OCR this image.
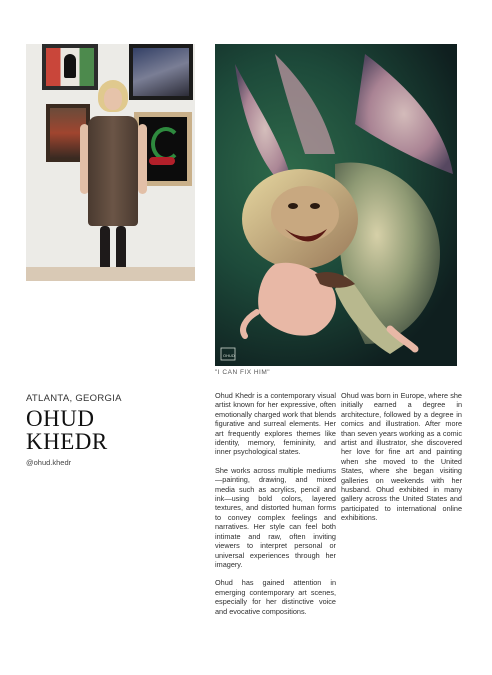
OHUD
"I CAN FIX HIM"
ATLANTA, GEORGIA
OHUD
KHEDR
@ohud.khedr

Ohud Khedr is a contemporary visual artist known for her expressive, often emotionally charged work that blends figurative and surreal elements. Her art frequently explores themes like identity, memory, femininity, and inner psychological states.

She works across multiple mediums—painting, drawing, and mixed media such as acrylics, pencil and ink—using bold colors, layered textures, and distorted human forms to convey complex feelings and narratives. Her style can feel both intimate and raw, often inviting viewers to interpret personal or universal experiences through her imagery.

Ohud has gained attention in emerging contemporary art scenes, especially for her distinctive voice and evocative compositions.

Ohud was born in Europe, where she initially earned a degree in architecture, followed by a degree in comics and illustration. After more than seven years working as a comic artist and illustrator, she discovered her love for fine art and painting when she moved to the United States, where she began visiting galleries on weekends with her husband. Ohud exhibited in many gallery across the United States and participated to international online exhibitions.
